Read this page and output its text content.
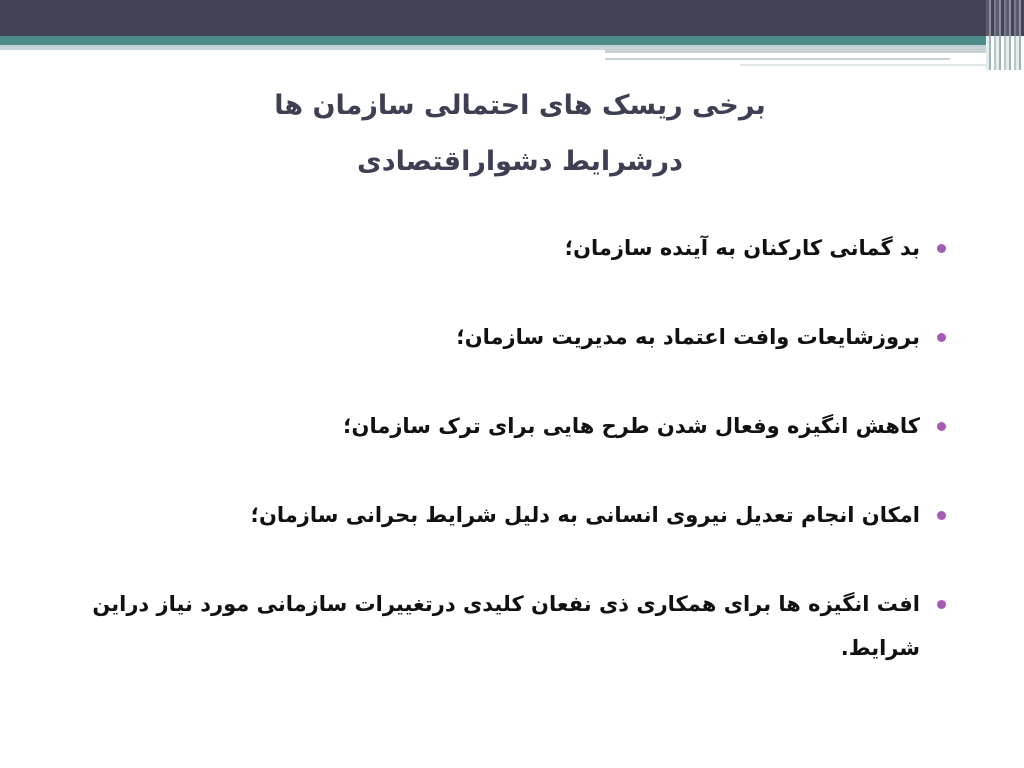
برخی ریسک های احتمالی سازمان ها
درشرایط دشواراقتصادی
بد گمانی کارکنان به آینده سازمان؛
بروزشایعات وافت اعتماد به مدیریت سازمان؛
کاهش انگیزه وفعال شدن طرح هایی برای ترک سازمان؛
امکان انجام تعدیل نیروی انسانی به دلیل شرایط بحرانی سازمان؛
افت انگیزه ها برای همکاری ذی نفعان کلیدی درتغییرات سازمانی مورد نیاز دراین شرایط.
